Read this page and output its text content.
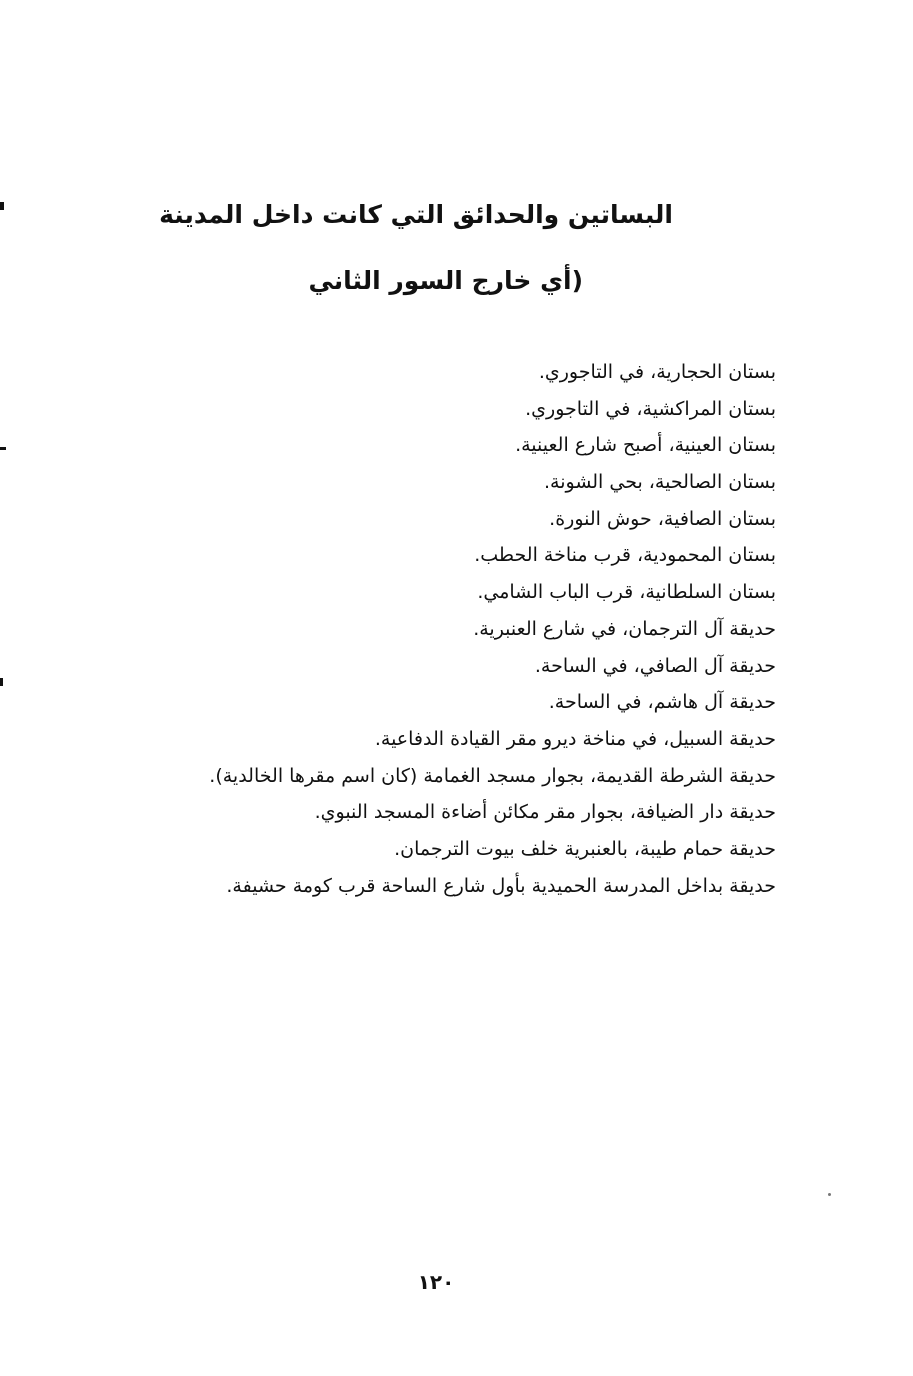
البساتين والحدائق التي كانت داخل المدينة
(أي خارج السور الثاني
بستان الحجارية، في التاجوري.
بستان المراكشية، في التاجوري.
بستان العينية، أصبح شارع العينية.
بستان الصالحية، بحي الشونة.
بستان الصافية، حوش النورة.
بستان المحمودية، قرب مناخة الحطب.
بستان السلطانية، قرب الباب الشامي.
حديقة آل الترجمان، في شارع العنبرية.
حديقة آل الصافي، في الساحة.
حديقة آل هاشم، في الساحة.
حديقة السبيل، في مناخة ديرو مقر القيادة الدفاعية.
حديقة الشرطة القديمة، بجوار مسجد الغمامة (كان اسم مقرها الخالدية).
حديقة دار الضيافة، بجوار مقر مكائن أضاءة المسجد النبوي.
حديقة حمام طيبة، بالعنبرية خلف بيوت الترجمان.
حديقة بداخل المدرسة الحميدية بأول شارع الساحة قرب كومة حشيفة.
١٢٠
